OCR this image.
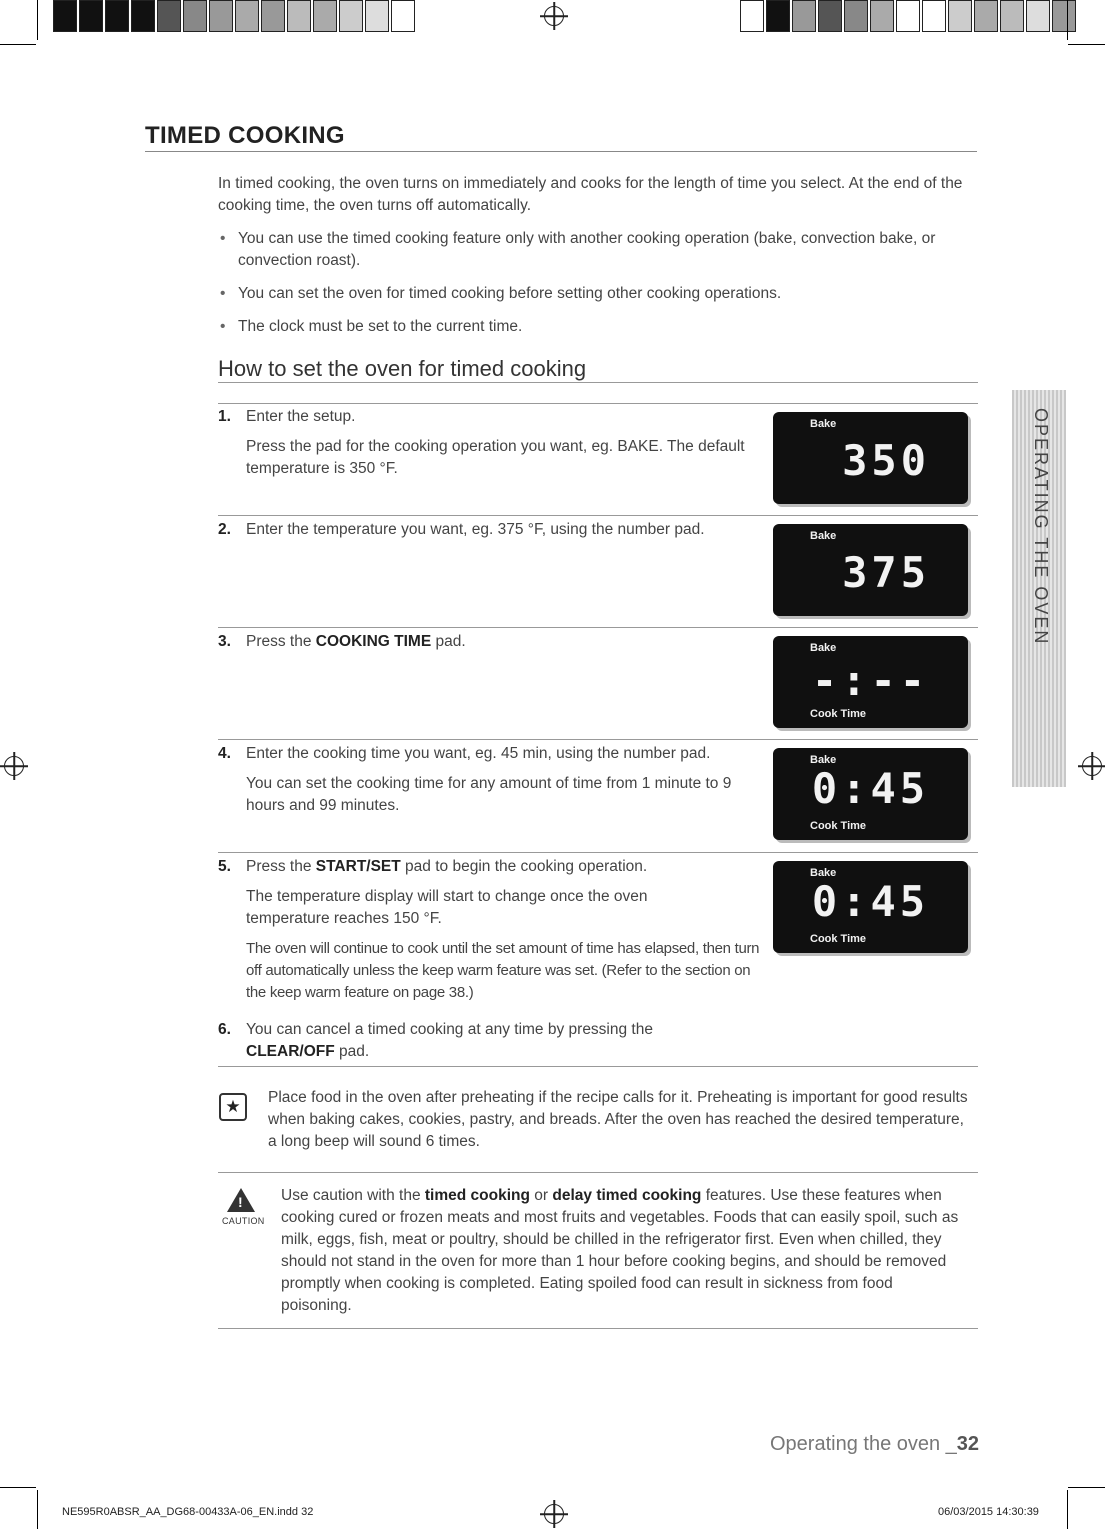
TIMED COOKING
In timed cooking, the oven turns on immediately and cooks for the length of time you select. At the end of the cooking time, the oven turns off automatically.
• You can use the timed cooking feature only with another cooking operation (bake, convection bake, or convection roast).
• You can set the oven for timed cooking before setting other cooking operations.
• The clock must be set to the current time.
How to set the oven for timed cooking
1. Enter the setup.

Press the pad for the cooking operation you want, eg. BAKE. The default temperature is 350 °F.

2. Enter the temperature you want, eg. 375 °F, using the number pad.

3. Press the COOKING TIME pad.

4. Enter the cooking time you want, eg. 45 min, using the number pad.

You can set the cooking time for any amount of time from 1 minute to 9 hours and 99 minutes.

5. Press the START/SET pad to begin the cooking operation.

The temperature display will start to change once the oven temperature reaches 150 °F.

The oven will continue to cook until the set amount of time has elapsed, then turn off automatically unless the keep warm feature was set. (Refer to the section on the keep warm feature on page 38.)

6. You can cancel a timed cooking at any time by pressing the CLEAR/OFF pad.

Bake
350
Bake
375
Bake
-:--
Cook Time
Bake
0:45
Cook Time
Bake
0:45
Cook Time
OPERATING THE OVEN
★	Place food in the oven after preheating if the recipe calls for it. Preheating is important for good results when baking cakes, cookies, pastry, and breads. After the oven has reached the desired temperature, a long beep will sound 6 times.
!
CAUTION
Use caution with the timed cooking or delay timed cooking features. Use these features when cooking cured or frozen meats and most fruits and vegetables. Foods that can easily spoil, such as milk, eggs, fish, meat or poultry, should be chilled in the refrigerator first. Even when chilled, they should not stand in the oven for more than 1 hour before cooking begins, and should be removed promptly when cooking is completed. Eating spoiled food can result in sickness from food poisoning.
Operating the oven _32
NE595R0ABSR_AA_DG68-00433A-06_EN.indd 32	06/03/2015 14:30:39
